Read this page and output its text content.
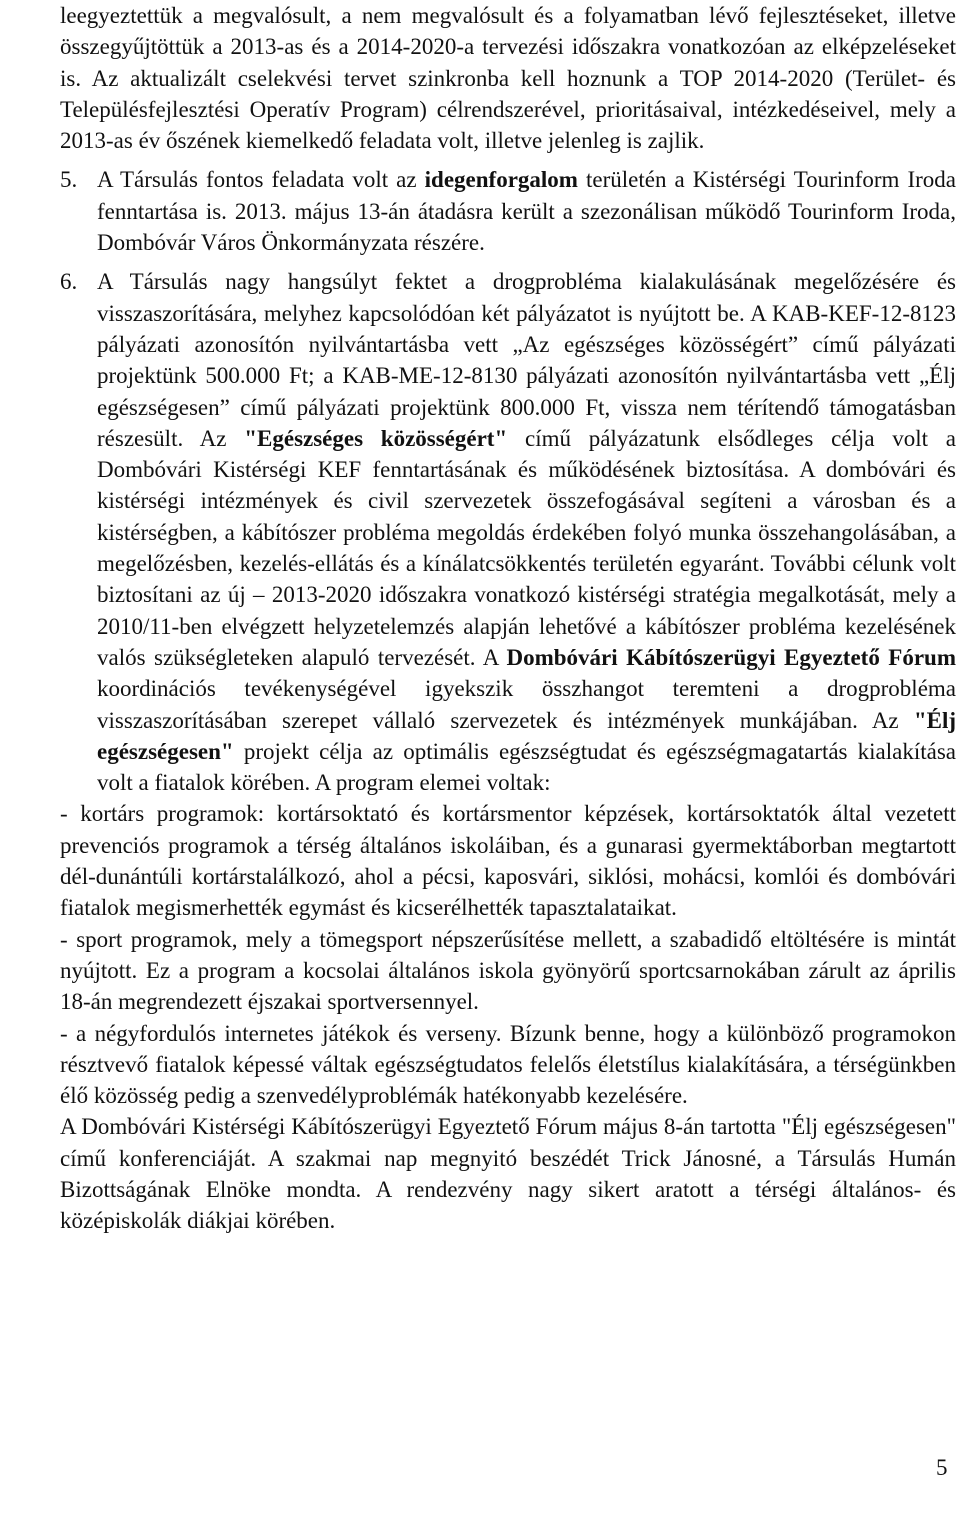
leegyeztettük a megvalósult, a nem megvalósult és a folyamatban lévő fejlesztéseket, illetve összegyűjtöttük a 2013-as és a 2014-2020-a tervezési időszakra vonatkozóan az elképzeléseket is. Az aktualizált cselekvési tervet szinkronba kell hoznunk a TOP 2014-2020 (Terület- és Településfejlesztési Operatív Program) célrendszerével, prioritásaival, intézkedéseivel, mely a 2013-as év őszének kiemelkedő feladata volt, illetve jelenleg is zajlik.

5. A Társulás fontos feladata volt az idegenforgalom területén a Kistérségi Tourinform Iroda fenntartása is. 2013. május 13-án átadásra került a szezonálisan működő Tourinform Iroda, Dombóvár Város Önkormányzata részére.

6. A Társulás nagy hangsúlyt fektet a drogprobléma kialakulásának megelőzésére és visszaszorítására, melyhez kapcsolódóan két pályázatot is nyújtott be. A KAB-KEF-12-8123 pályázati azonosítón nyilvántartásba vett „Az egészséges közösségért” című pályázati projektünk 500.000 Ft; a KAB-ME-12-8130 pályázati azonosítón nyilvántartásba vett „Élj egészségesen” című pályázati projektünk 800.000 Ft, vissza nem térítendő támogatásban részesült. Az "Egészséges közösségért" című pályázatunk elsődleges célja volt a Dombóvári Kistérségi KEF fenntartásának és működésének biztosítása. A dombóvári és kistérségi intézmények és civil szervezetek összefogásával segíteni a városban és a kistérségben, a kábítószer probléma megoldás érdekében folyó munka összehangolásában, a megelőzésben, kezelés-ellátás és a kínálatcsökkentés területén egyaránt. További célunk volt biztosítani az új – 2013-2020 időszakra vonatkozó kistérségi stratégia megalkotását, mely a 2010/11-ben elvégzett helyzetelemzés alapján lehetővé a kábítószer probléma kezelésének valós szükségleteken alapuló tervezését. A Dombóvári Kábítószerügyi Egyeztető Fórum koordinációs tevékenységével igyekszik összhangot teremteni a drogprobléma visszaszorításában szerepet vállaló szervezetek és intézmények munkájában. Az "Élj egészségesen" projekt célja az optimális egészségtudat és egészségmagatartás kialakítása volt a fiatalok körében. A program elemei voltak:

- kortárs programok: kortársoktató és kortársmentor képzések, kortársoktatók által vezetett prevenciós programok a térség általános iskoláiban, és a gunarasi gyermektáborban megtartott dél-dunántúli kortárstalálkozó, ahol a pécsi, kaposvári, siklósi, mohácsi, komlói és dombóvári fiatalok megismerhették egymást és kicserélhették tapasztalataikat.

- sport programok, mely a tömegsport népszerűsítése mellett, a szabadidő eltöltésére is mintát nyújtott. Ez a program a kocsolai általános iskola gyönyörű sportcsarnokában zárult az április 18-án megrendezett éjszakai sportversennyel.

- a négyfordulós internetes játékok és verseny. Bízunk benne, hogy a különböző programokon résztvevő fiatalok képessé váltak egészségtudatos felelős életstílus kialakítására, a térségünkben élő közösség pedig a szenvedélyproblémák hatékonyabb kezelésére.

A Dombóvári Kistérségi Kábítószerügyi Egyeztető Fórum május 8-án tartotta "Élj egészségesen" című konferenciáját. A szakmai nap megnyitó beszédét Trick Jánosné, a Társulás Humán Bizottságának Elnöke mondta. A rendezvény nagy sikert aratott a térségi általános- és középiskolák diákjai körében.

5
